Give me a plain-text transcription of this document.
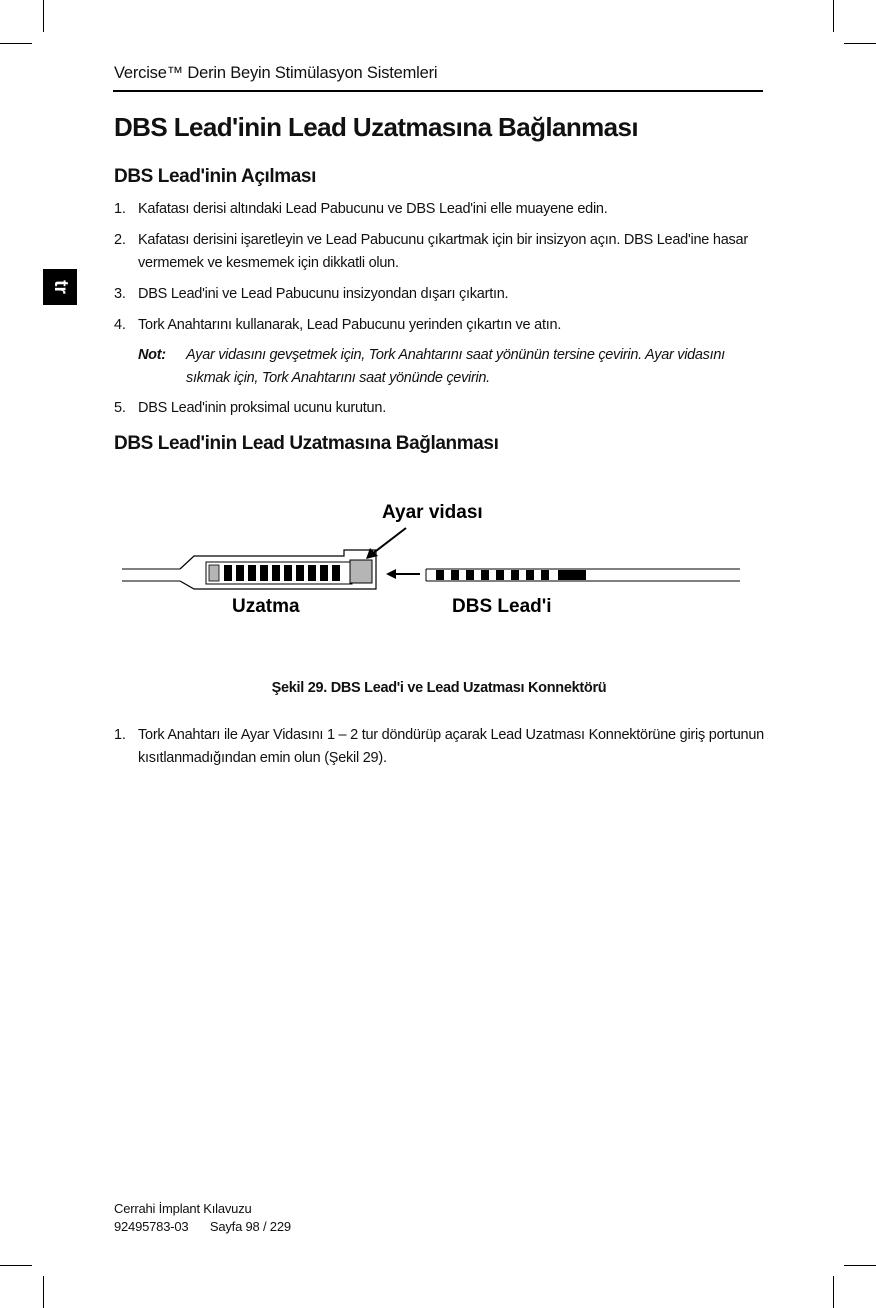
Vercise™ Derin Beyin Stimülasyon Sistemleri
tr
DBS Lead'inin Lead Uzatmasına Bağlanması
DBS Lead'inin Açılması
1. Kafatası derisi altındaki Lead Pabucunu ve DBS Lead'ini elle muayene edin.
2. Kafatası derisini işaretleyin ve Lead Pabucunu çıkartmak için bir insizyon açın. DBS Lead'ine hasar vermemek ve kesmemek için dikkatli olun.
3. DBS Lead'ini ve Lead Pabucunu insizyondan dışarı çıkartın.
4. Tork Anahtarını kullanarak, Lead Pabucunu yerinden çıkartın ve atın.
Not: Ayar vidasını gevşetmek için, Tork Anahtarını saat yönünün tersine çevirin. Ayar vidasını sıkmak için, Tork Anahtarını saat yönünde çevirin.
5. DBS Lead'inin proksimal ucunu kurutun.
DBS Lead'inin Lead Uzatmasına Bağlanması
Ayar vidası
Uzatma	DBS Lead'i
Şekil 29. DBS Lead'i ve Lead Uzatması Konnektörü
1. Tork Anahtarı ile Ayar Vidasını 1 – 2 tur döndürüp açarak Lead Uzatması Konnektörüne giriş portunun kısıtlanmadığından emin olun (Şekil 29).
Cerrahi İmplant Kılavuzu
92495783-03 Sayfa 98 / 229
